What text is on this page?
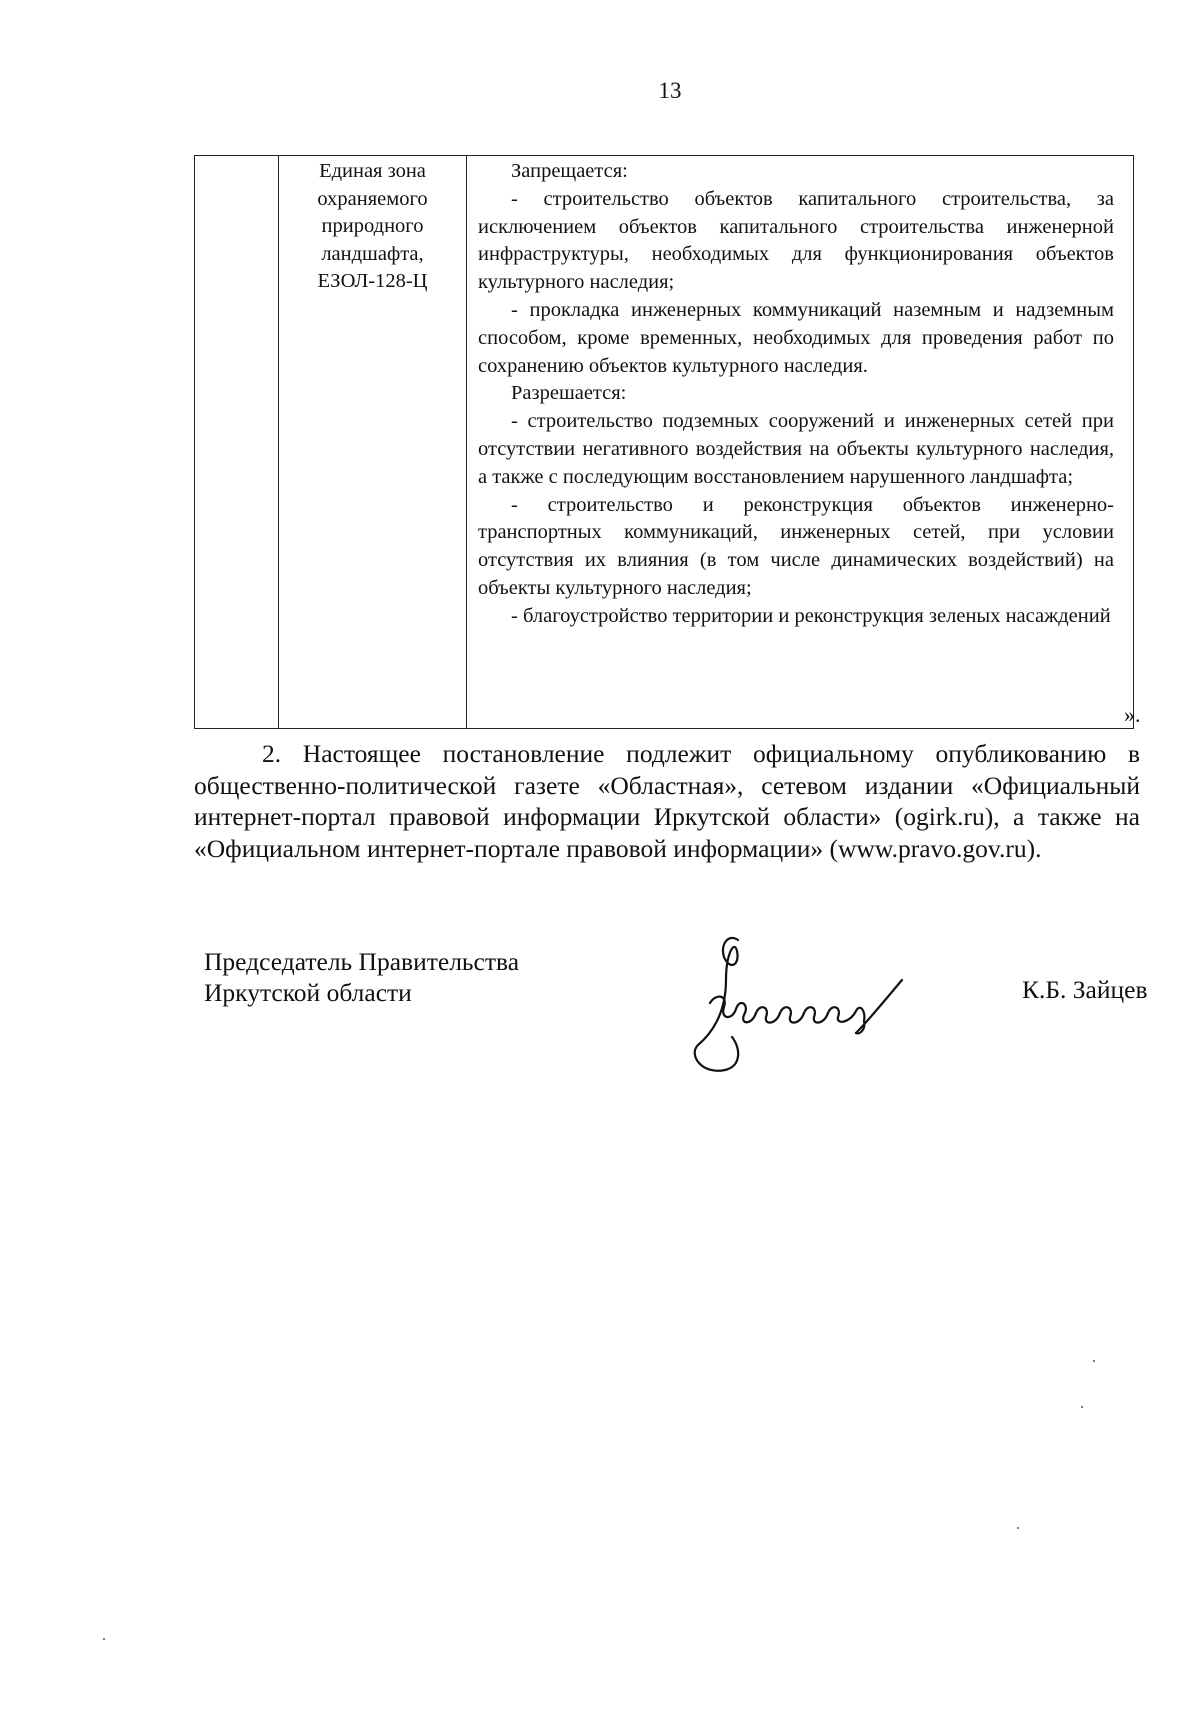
13
Единая зона
охраняемого
природного
ландшафта,
ЕЗОЛ-128-Ц

Запрещается:

- строительство объектов капитального строительства, за исключением объектов капитального строительства инженерной инфраструктуры, необходимых для функционирования объектов культурного наследия;

- прокладка инженерных коммуникаций наземным и надземным способом, кроме временных, необходимых для проведения работ по сохранению объектов культурного наследия.

Разрешается:

- строительство подземных сооружений и инженерных сетей при отсутствии негативного воздействия на объекты культурного наследия, а также с последующим восстановлением нарушенного ландшафта;

- строительство и реконструкция объектов инженерно-транспортных коммуникаций, инженерных сетей, при условии отсутствия их влияния (в том числе динамических воздействий) на объекты культурного наследия;

- благоустройство территории и реконструкция зеленых насаждений

».

2. Настоящее постановление подлежит официальному опубликованию в общественно-политической газете «Областная», сетевом издании «Официальный интернет-портал правовой информации Иркутской области» (ogirk.ru), а также на «Официальном интернет-портале правовой информации» (www.pravo.gov.ru).

Председатель Правительства
Иркутской области	К.Б. Зайцев
